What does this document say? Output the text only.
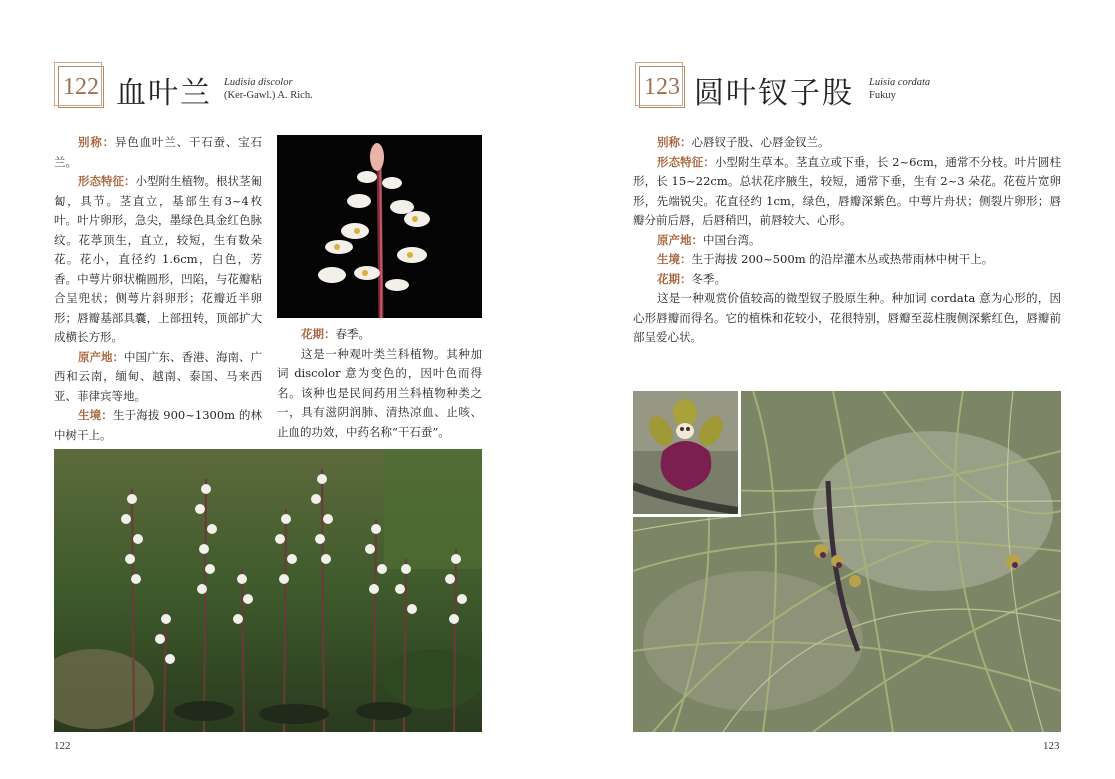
122 血叶兰 Ludisia discolor
(Ker-Gawl.) A. Rich.

别称：异色血叶兰、干石蚕、宝石兰。

形态特征：小型附生植物。根状茎匍匐，具节。茎直立，基部生有3~4枚叶。叶片卵形，急尖，墨绿色具金红色脉纹。花葶顶生，直立，较短，生有数朵花。花小，直径约 1.6cm，白色，芳香。中萼片卵状椭圆形，凹陷，与花瓣粘合呈兜状；侧萼片斜卵形；花瓣近半卵形；唇瓣基部具囊，上部扭转，顶部扩大成横长方形。

原产地：中国广东、香港、海南、广西和云南，缅甸、越南、泰国、马来西亚、菲律宾等地。

生境：生于海拔 900~1300m 的林中树干上。

花期：春季。

这是一种观叶类兰科植物。其种加词 discolor 意为变色的，因叶色而得名。该种也是民间药用兰科植物种类之一，具有滋阴润肺、清热凉血、止咳、止血的功效，中药名称“干石蚕”。

122
123 圆叶钗子股 Luisia cordata
Fukuy

别称：心唇钗子股、心唇金钗兰。

形态特征：小型附生草本。茎直立或下垂，长 2~6cm，通常不分枝。叶片圆柱形，长 15~22cm。总状花序腋生，较短，通常下垂，生有 2~3 朵花。花苞片宽卵形，先端锐尖。花直径约 1cm，绿色，唇瓣深紫色。中萼片舟状；侧裂片卵形；唇瓣分前后唇，后唇稍凹，前唇较大、心形。

原产地：中国台湾。

生境：生于海拔 200~500m 的沿岸灌木丛或热带雨林中树干上。

花期：冬季。

这是一种观赏价值较高的微型钗子股原生种。种加词 cordata 意为心形的，因心形唇瓣而得名。它的植株和花较小，花很特别，唇瓣至蕊柱腹侧深紫红色，唇瓣前部呈爱心状。

123
